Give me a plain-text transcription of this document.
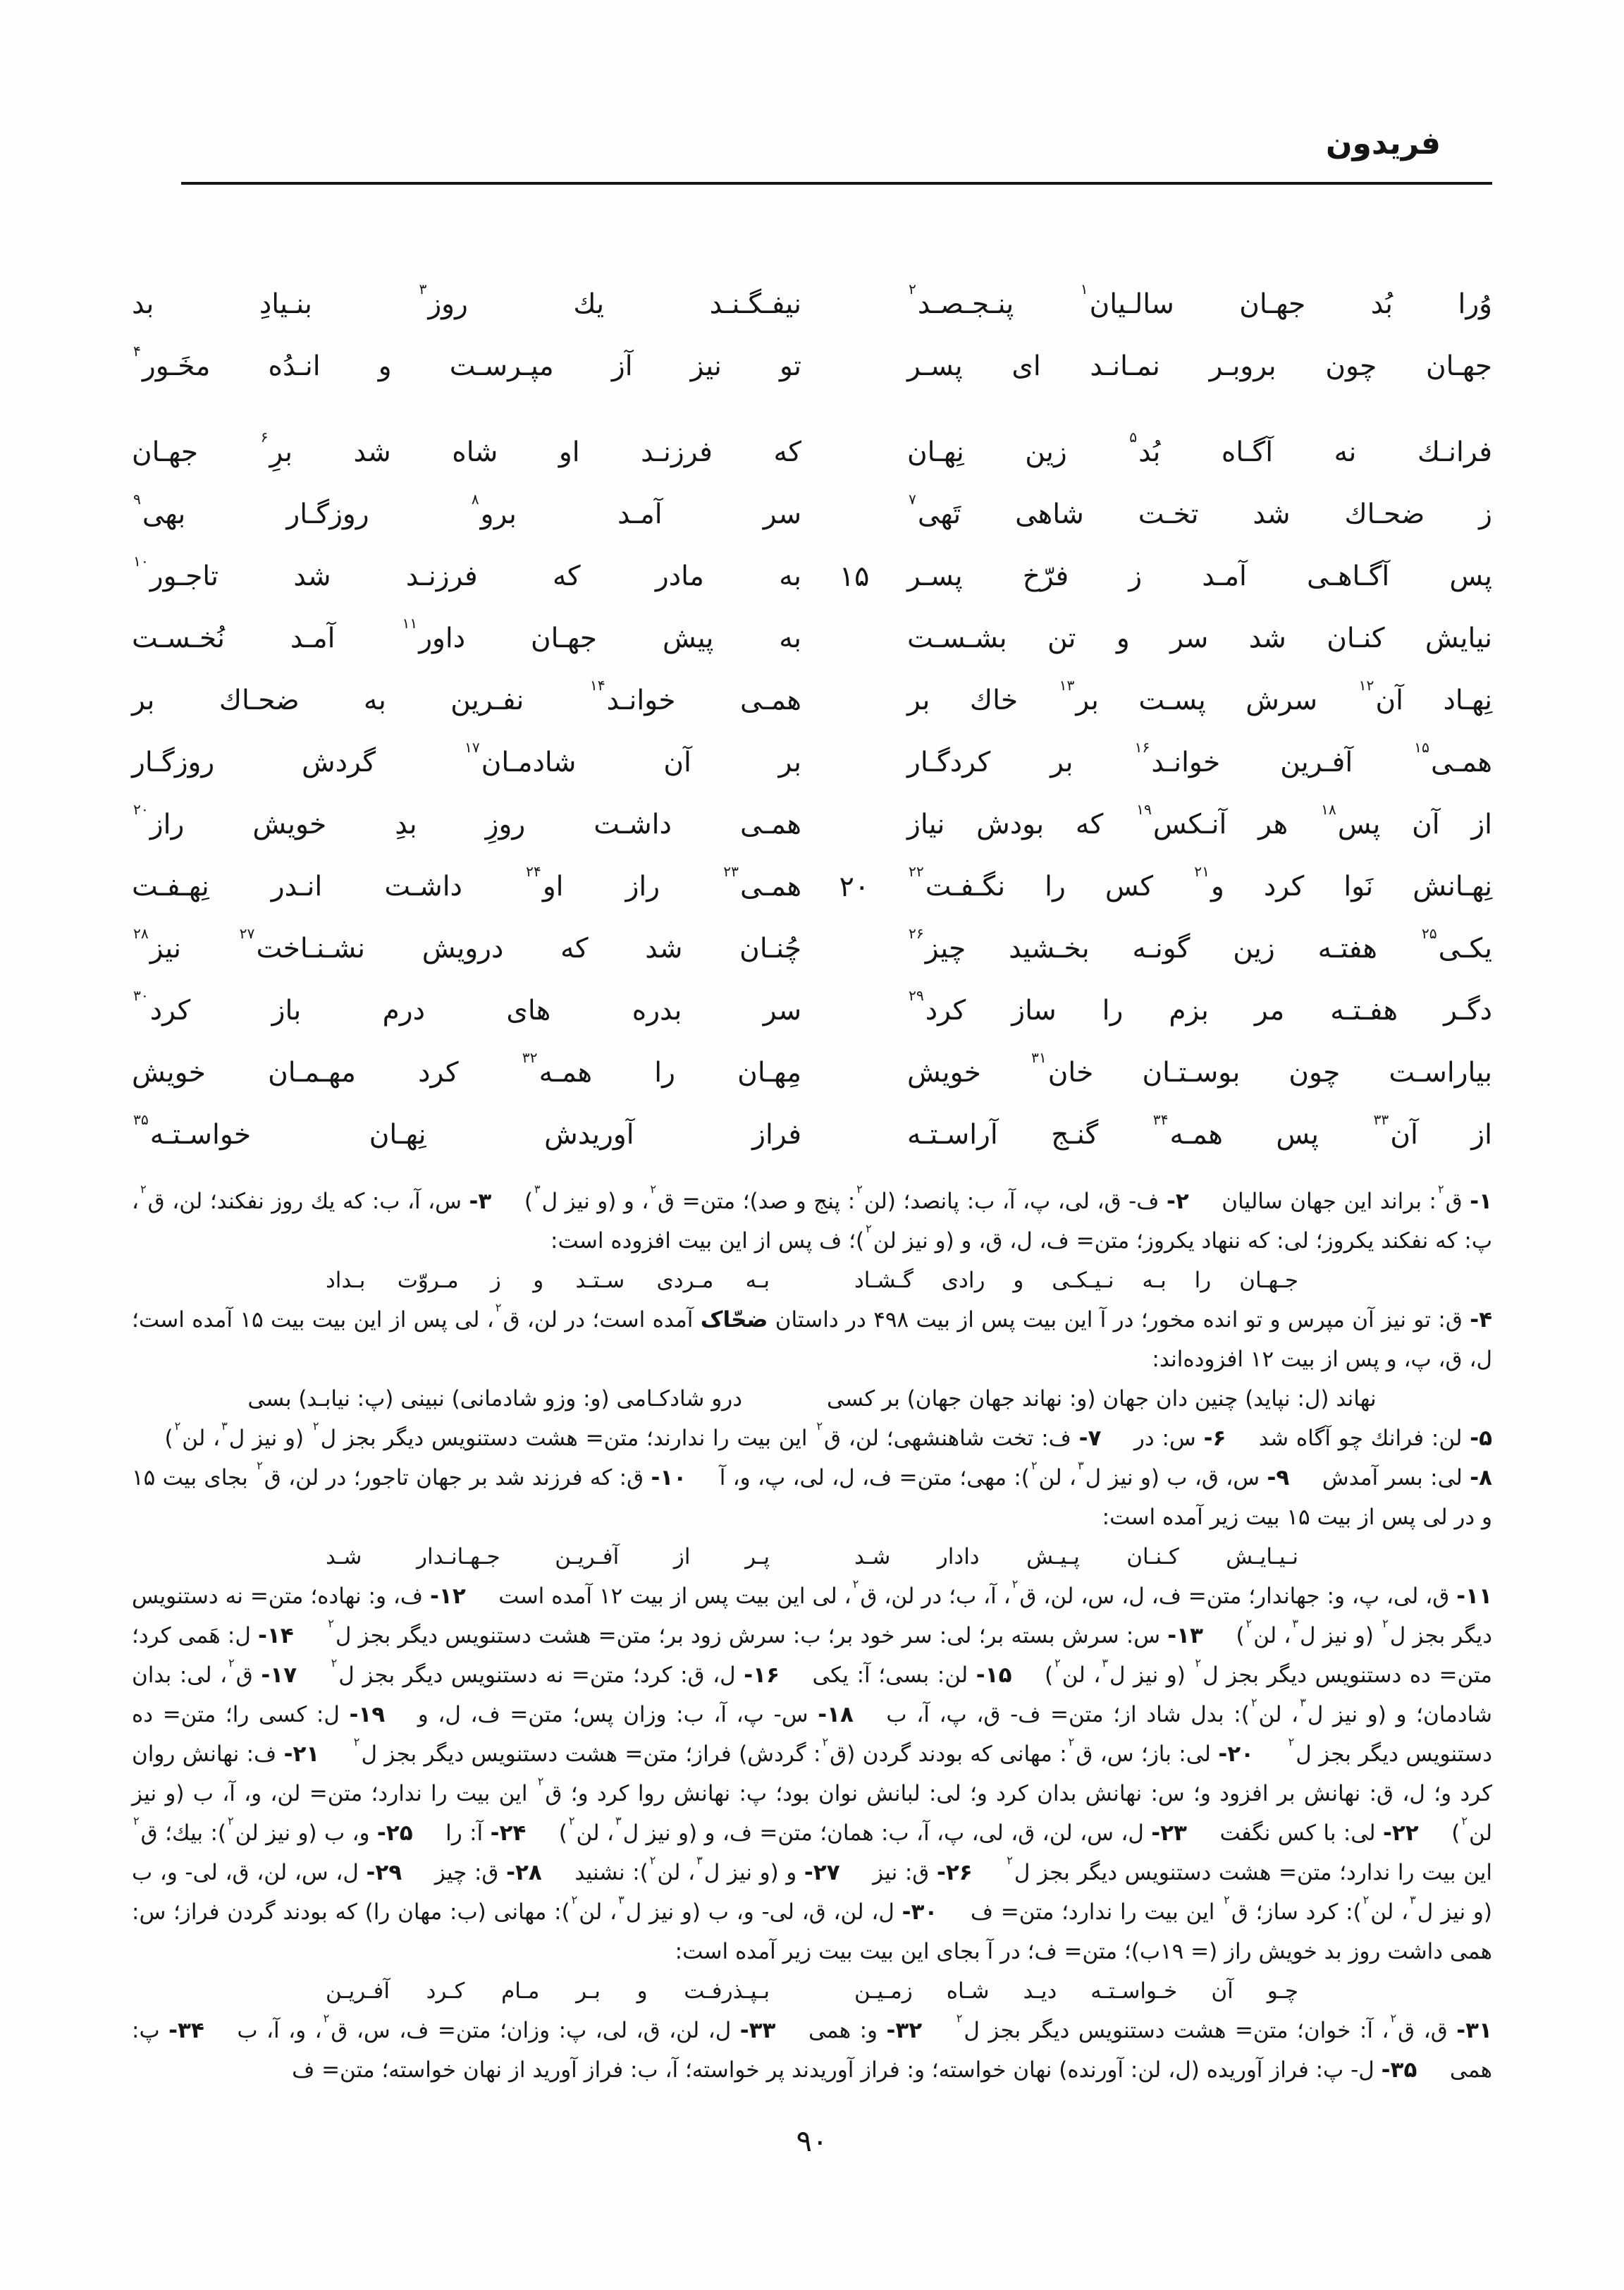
فریدون
وُرا بُد جهـان سالـیان$^۱$ پنـجـصـد$^۲$
نیفـگـنـد یك روز$^۳$ بنـیادِ بد
جهـان چون بروبـر نمـانـد ای پسـر
تو نیز آز مپـرسـت و انـدُه مخَـور$^۴$
فرانـك نه آگـاه بُد$^۵$ زین نِهـان
كه فرزنـد او شاه شد برِ$^۶$ جهـان
ز ضحـاك شد تخـت شاهی تَهی$^۷$
سر آمـد برو$^۸$ روزگـار بهی$^۹$
پس آگـاهـی آمـد ز فرّخ پسـر
۱۵
به مادر كه فرزنـد شد تاجـور$^{۱۰}$
نیایش كنـان شد سر و تن بشـسـت
به پیش جهـان داور$^{۱۱}$ آمـد نُخـسـت
نِهـاد آن$^{۱۲}$ سرش پسـت بر$^{۱۳}$ خاك بر
همـی خوانـد$^{۱۴}$ نفـرین به ضحـاك بر
همـی$^{۱۵}$ آفـرین خوانـد$^{۱۶}$ بر كردگـار
بر آن شادمـان$^{۱۷}$ گردش روزگـار
از آن پس$^{۱۸}$ هر آنـكس$^{۱۹}$ كه بودش نیاز
همـی داشـت روزِ بدِ خویش راز$^{۲۰}$
نِهـانش نَوا كرد و$^{۲۱}$ كس را نگـفـت$^{۲۲}$
۲۰
همـی$^{۲۳}$ راز او$^{۲۴}$ داشـت انـدر نِهـفـت
یكـی$^{۲۵}$ هفتـه زین گونـه بخـشید چیز$^{۲۶}$
چُنـان شد كه درویش نشـنـاخت$^{۲۷}$ نیز$^{۲۸}$
دگـر هفـتـه مر بزم را ساز كرد$^{۲۹}$
سر بدره های درم باز كرد$^{۳۰}$
بیاراسـت چون بوسـتـان خان$^{۳۱}$ خویش
مِهـان را همـه$^{۳۲}$ كرد مهـمـان خویش
از آن$^{۳۳}$ پس همـه$^{۳۴}$ گنـج آراسـتـه
فراز آوریدش نِهـان خواسـتـه$^{۳۵}$

۱- ق$^۲$: براند این جهان سالیان   ۲- ف- ق، لی، پ، آ، ب: پانصد؛ (لن$^۲$: پنج و صد)؛ متن= ق$^۲$، و (و نیز ل$^۳$)   ۳- س، آ، ب: كه یك روز نفكند؛ لن، ق$^۲$، پ: كه نفكند یكروز؛ لی: كه ننهاد یكروز؛ متن= ف، ل، ق، و (و نیز لن$^۲$)؛ ف پس از این بیت افزوده است:

جـهـان را بـه نـیـكـی و رادی گـشـاد
بـه مـردی سـتـد و ز مـروّت بـداد

۴- ق: تو نیز آن مپرس و تو انده مخور؛ در آ این بیت پس از بیت ۴۹۸ در داستان ضحّاک آمده است؛ در لن، ق$^۲$، لی پس از این بیت بیت ۱۵ آمده است؛ ل، ق، پ، و پس از بیت ۱۲ افزوده‌اند:

نهاند (ل: نپاید) چنین دان جهان (و: نهاند جهان جهان) بر كسی
درو شادكـامی (و: وزو شادمانی) نبینی (پ: نیابـد) بسی

۵- لن: فرانك چو آگاه شد   ۶- س: در   ۷- ف: تخت شاهنشهی؛ لن، ق$^۲$ این بیت را ندارند؛ متن= هشت دستنویس دیگر بجز ل$^۲$ (و نیز ل$^۳$، لن$^۲$)   ۸- لی: بسر آمدش   ۹- س، ق، ب (و نیز ل$^۳$، لن$^۲$): مهی؛ متن= ف، ل، لی، پ، و، آ   ۱۰- ق: كه فرزند شد بر جهان تاجور؛ در لن، ق$^۲$ بجای بیت ۱۵ و در لی پس از بیت ۱۵ بیت زیر آمده است:

نـیـایـش كـنـان پـیـش دادار شـد
پـر از آفـریـن جـهـانـدار شـد

۱۱- ق، لی، پ، و: جهاندار؛ متن= ف، ل، س، لن، ق$^۲$، آ، ب؛ در لن، ق$^۲$، لی این بیت پس از بیت ۱۲ آمده است   ۱۲- ف، و: نهاده؛ متن= نه دستنویس دیگر بجز ل$^۲$ (و نیز ل$^۳$، لن$^۲$)   ۱۳- س: سرش بسته بر؛ لی: سر خود بر؛ ب: سرش زود بر؛ متن= هشت دستنویس دیگر بجز ل$^۲$   ۱۴- ل: هَمی كرد؛ متن= ده دستنویس دیگر بجز ل$^۲$ (و نیز ل$^۳$، لن$^۲$)   ۱۵- لن: بسی؛ آ: یكی   ۱۶- ل، ق: كرد؛ متن= نه دستنویس دیگر بجز ل$^۲$   ۱۷- ق$^۲$، لی: بدان شادمان؛ و (و نیز ل$^۳$، لن$^۲$): بدل شاد از؛ متن= ف- ق، پ، آ، ب   ۱۸- س- پ، آ، ب: وزان پس؛ متن= ف، ل، و   ۱۹- ل: كسی را؛ متن= ده دستنویس دیگر بجز ل$^۲$   ۲۰- لی: باز؛ س، ق$^۲$: مهانی كه بودند گردن (ق$^۲$: گردش) فراز؛ متن= هشت دستنویس دیگر بجز ل$^۲$   ۲۱- ف: نهانش روان كرد و؛ ل، ق: نهانش بر افزود و؛ س: نهانش بدان كرد و؛ لی: لبانش نوان بود؛ پ: نهانش روا كرد و؛ ق$^۲$ این بیت را ندارد؛ متن= لن، و، آ، ب (و نیز لن$^۲$)   ۲۲- لی: با كس نگفت   ۲۳- ل، س، لن، ق، لی، پ، آ، ب: همان؛ متن= ف، و (و نیز ل$^۳$، لن$^۲$)   ۲۴- آ: را   ۲۵- و، ب (و نیز لن$^۲$): بیك؛ ق$^۲$ این بیت را ندارد؛ متن= هشت دستنویس دیگر بجز ل$^۲$   ۲۶- ق: نیز   ۲۷- و (و نیز ل$^۳$، لن$^۲$): نشنید   ۲۸- ق: چیز   ۲۹- ل، س، لن، ق، لی- و، ب (و نیز ل$^۳$، لن$^۲$): كرد ساز؛ ق$^۲$ این بیت را ندارد؛ متن= ف   ۳۰- ل، لن، ق، لی- و، ب (و نیز ل$^۳$، لن$^۲$): مهانی (ب: مهان را) كه بودند گردن فراز؛ س: همی داشت روز بد خویش راز (= ۱۹ب)؛ متن= ف؛ در آ بجای این بیت بیت زیر آمده است:

چـو آن خـواسـتـه دیـد شـاه زمـیـن
بـپـذرفـت و بـر مـام كـرد آفـریـن

۳۱- ق، ق$^۲$، آ: خوان؛ متن= هشت دستنویس دیگر بجز ل$^۲$   ۳۲- و: همی   ۳۳- ل، لن، ق، لی، پ: وزان؛ متن= ف، س، ق$^۲$، و، آ، ب   ۳۴- پ: همی   ۳۵- ل- پ: فراز آوریده (ل، لن: آورنده) نهان خواسته؛ و: فراز آوریدند پر خواسته؛ آ، ب: فراز آورید از نهان خواسته؛ متن= ف

۹۰
